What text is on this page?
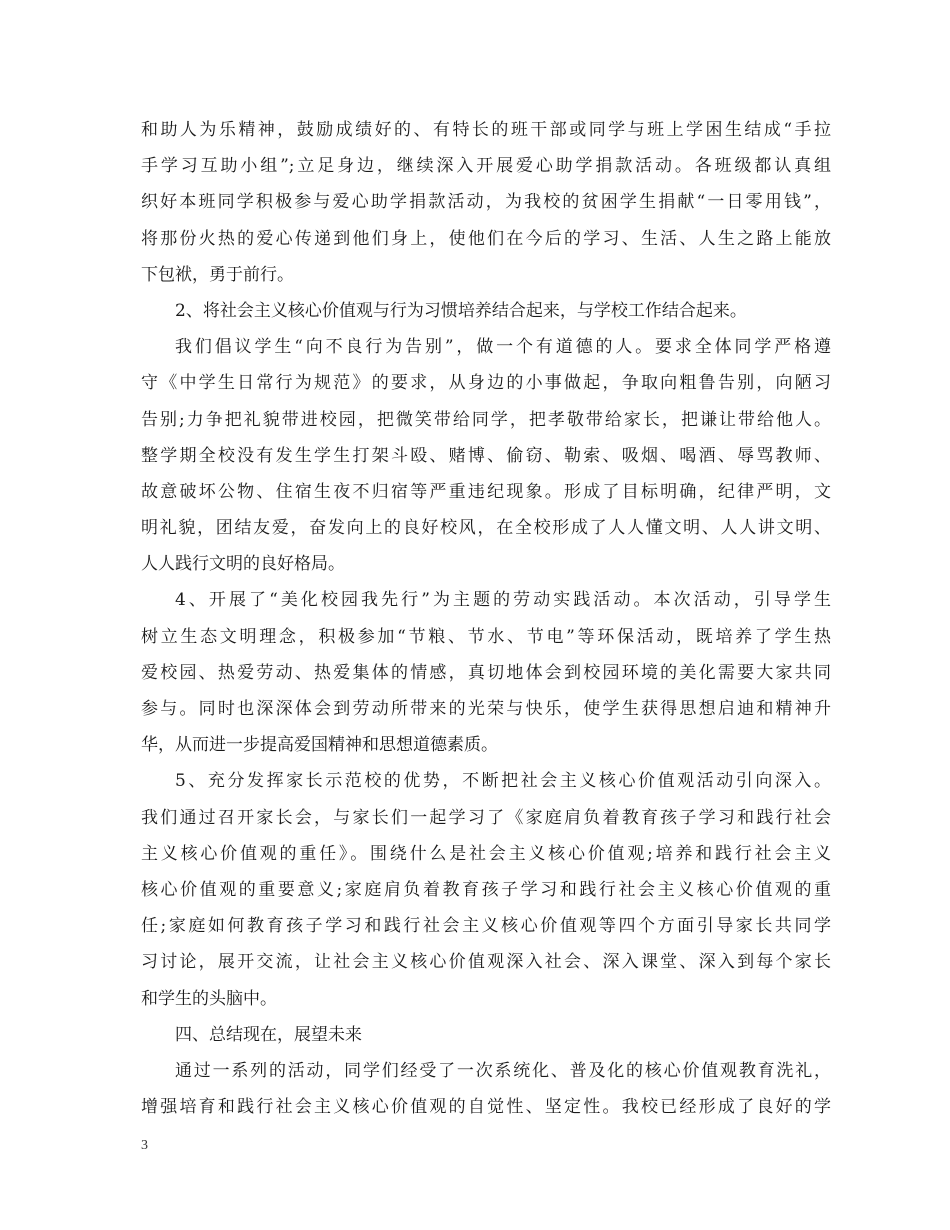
和助人为乐精神，鼓励成绩好的、有特长的班干部或同学与班上学困生结成“手拉
手学习互助小组”;立足身边，继续深入开展爱心助学捐款活动。各班级都认真组
织好本班同学积极参与爱心助学捐款活动，为我校的贫困学生捐献“一日零用钱”，
将那份火热的爱心传递到他们身上，使他们在今后的学习、生活、人生之路上能放
下包袱，勇于前行。
2、将社会主义核心价值观与行为习惯培养结合起来，与学校工作结合起来。
我们倡议学生“向不良行为告别”，做一个有道德的人。要求全体同学严格遵
守《中学生日常行为规范》的要求，从身边的小事做起，争取向粗鲁告别，向陋习
告别;力争把礼貌带进校园，把微笑带给同学，把孝敬带给家长，把谦让带给他人。
整学期全校没有发生学生打架斗殴、赌博、偷窃、勒索、吸烟、喝酒、辱骂教师、
故意破坏公物、住宿生夜不归宿等严重违纪现象。形成了目标明确，纪律严明，文
明礼貌，团结友爱，奋发向上的良好校风，在全校形成了人人懂文明、人人讲文明、
人人践行文明的良好格局。
4、开展了“美化校园我先行”为主题的劳动实践活动。本次活动，引导学生
树立生态文明理念，积极参加“节粮、节水、节电”等环保活动，既培养了学生热
爱校园、热爱劳动、热爱集体的情感，真切地体会到校园环境的美化需要大家共同
参与。同时也深深体会到劳动所带来的光荣与快乐，使学生获得思想启迪和精神升
华，从而进一步提高爱国精神和思想道德素质。
5、充分发挥家长示范校的优势，不断把社会主义核心价值观活动引向深入。
我们通过召开家长会，与家长们一起学习了《家庭肩负着教育孩子学习和践行社会
主义核心价值观的重任》。围绕什么是社会主义核心价值观;培养和践行社会主义
核心价值观的重要意义;家庭肩负着教育孩子学习和践行社会主义核心价值观的重
任;家庭如何教育孩子学习和践行社会主义核心价值观等四个方面引导家长共同学
习讨论，展开交流，让社会主义核心价值观深入社会、深入课堂、深入到每个家长
和学生的头脑中。
四、总结现在，展望未来
通过一系列的活动，同学们经受了一次系统化、普及化的核心价值观教育洗礼，
增强培育和践行社会主义核心价值观的自觉性、坚定性。我校已经形成了良好的学
3
